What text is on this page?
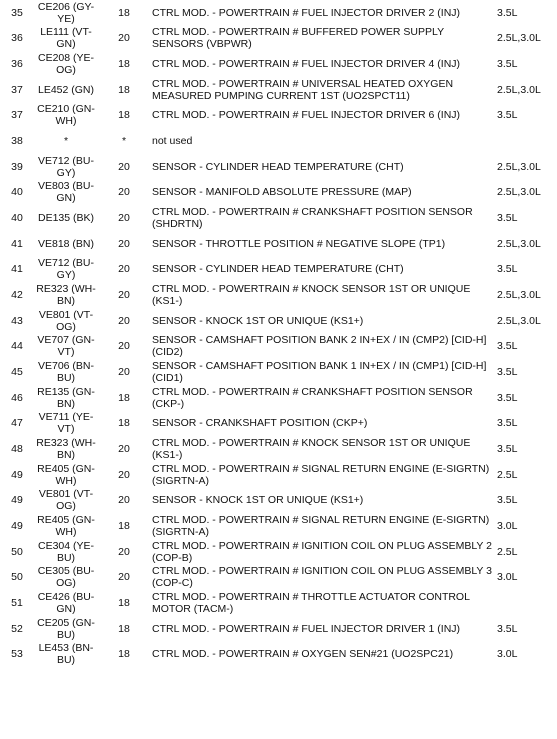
35	CE206 (GY-YE)	18	CTRL MOD. - POWERTRAIN # FUEL INJECTOR DRIVER 2 (INJ)	3.5L
36	LE111 (VT-GN)	20	CTRL MOD. - POWERTRAIN # BUFFERED POWER SUPPLY SENSORS (VBPWR)	2.5L,3.0L
36	CE208 (YE-OG)	18	CTRL MOD. - POWERTRAIN # FUEL INJECTOR DRIVER 4 (INJ)	3.5L
37	LE452 (GN)	18	CTRL MOD. - POWERTRAIN # UNIVERSAL HEATED OXYGEN MEASURED PUMPING CURRENT 1ST (UO2SPCT11)	2.5L,3.0L
37	CE210 (GN-WH)	18	CTRL MOD. - POWERTRAIN # FUEL INJECTOR DRIVER 6 (INJ)	3.5L
38	*	*	not used	
39	VE712 (BU-GY)	20	SENSOR - CYLINDER HEAD TEMPERATURE (CHT)	2.5L,3.0L
40	VE803 (BU-GN)	20	SENSOR - MANIFOLD ABSOLUTE PRESSURE (MAP)	2.5L,3.0L
40	DE135 (BK)	20	CTRL MOD. - POWERTRAIN # CRANKSHAFT POSITION SENSOR (SHDRTN)	3.5L
41	VE818 (BN)	20	SENSOR - THROTTLE POSITION # NEGATIVE SLOPE (TP1)	2.5L,3.0L
41	VE712 (BU-GY)	20	SENSOR - CYLINDER HEAD TEMPERATURE (CHT)	3.5L
42	RE323 (WH-BN)	20	CTRL MOD. - POWERTRAIN # KNOCK SENSOR 1ST OR UNIQUE (KS1-)	2.5L,3.0L
43	VE801 (VT-OG)	20	SENSOR - KNOCK 1ST OR UNIQUE (KS1+)	2.5L,3.0L
44	VE707 (GN-VT)	20	SENSOR - CAMSHAFT POSITION BANK 2 IN+EX / IN (CMP2) [CID-H] (CID2)	3.5L
45	VE706 (BN-BU)	20	SENSOR - CAMSHAFT POSITION BANK 1 IN+EX / IN (CMP1) [CID-H] (CID1)	3.5L
46	RE135 (GN-BN)	18	CTRL MOD. - POWERTRAIN # CRANKSHAFT POSITION SENSOR (CKP-)	3.5L
47	VE711 (YE-VT)	18	SENSOR - CRANKSHAFT POSITION (CKP+)	3.5L
48	RE323 (WH-BN)	20	CTRL MOD. - POWERTRAIN # KNOCK SENSOR 1ST OR UNIQUE (KS1-)	3.5L
49	RE405 (GN-WH)	20	CTRL MOD. - POWERTRAIN # SIGNAL RETURN ENGINE (E-SIGRTN) (SIGRTN-A)	2.5L
49	VE801 (VT-OG)	20	SENSOR - KNOCK 1ST OR UNIQUE (KS1+)	3.5L
49	RE405 (GN-WH)	18	CTRL MOD. - POWERTRAIN # SIGNAL RETURN ENGINE (E-SIGRTN) (SIGRTN-A)	3.0L
50	CE304 (YE-BU)	20	CTRL MOD. - POWERTRAIN # IGNITION COIL ON PLUG ASSEMBLY 2 (COP-B)	2.5L
50	CE305 (BU-OG)	20	CTRL MOD. - POWERTRAIN # IGNITION COIL ON PLUG ASSEMBLY 3 (COP-C)	3.0L
51	CE426 (BU-GN)	18	CTRL MOD. - POWERTRAIN # THROTTLE ACTUATOR CONTROL MOTOR (TACM-)	
52	CE205 (GN-BU)	18	CTRL MOD. - POWERTRAIN # FUEL INJECTOR DRIVER 1 (INJ)	3.5L
53	LE453 (BN-BU)	18	CTRL MOD. - POWERTRAIN # OXYGEN SEN#21 (UO2SPC21)	3.0L
